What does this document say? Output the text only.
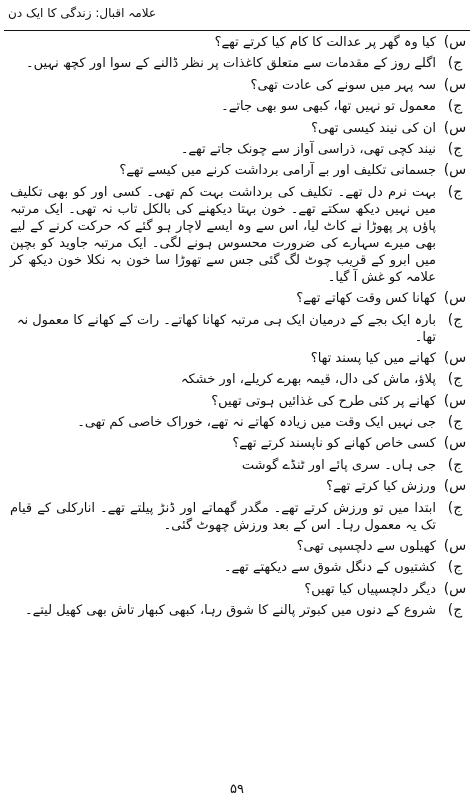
علامہ اقبال: زندگی کا ایک دن
س)
کیا وہ گھر پر عدالت کا کام کیا کرتے تھے؟
ج)
اگلے روز کے مقدمات سے متعلق کاغذات پر نظر ڈالنے کے سوا اور کچھ نہیں۔
س)
سہ پہر میں سونے کی عادت تھی؟
ج)
معمول تو نہیں تھا، کبھی سو بھی جاتے۔
س)
ان کی نیند کیسی تھی؟
ج)
نیند کچی تھی، ذراسی آواز سے چونک جاتے تھے۔
س)
جسمانی تکلیف اور بے آرامی برداشت کرنے میں کیسے تھے؟
ج)
بہت نرم دل تھے۔ تکلیف کی برداشت بہت کم تھی۔ کسی اور کو بھی تکلیف میں نہیں دیکھ سکتے تھے۔ خون بہتا دیکھنے کی بالکل تاب نہ تھی۔ ایک مرتبہ پاؤں پر پھوڑا نے کاٹ لیا، اس سے وہ ایسے لاچار ہو گئے کہ حرکت کرنے کے لیے بھی میرے سہارے کی ضرورت محسوس ہونے لگی۔ ایک مرتبہ جاوید کو بچپن میں ابرو کے قریب چوٹ لگ گئی جس سے تھوڑا سا خون بہ نکلا خون دیکھ کر علامہ کو غش آ گیا۔
س)
کھانا کس وقت کھاتے تھے؟
ج)
بارہ ایک بجے کے درمیان ایک ہی مرتبہ کھانا کھاتے۔ رات کے کھانے کا معمول نہ تھا۔
س)
کھانے میں کیا پسند تھا؟
ج)
پلاؤ، ماش کی دال، قیمہ بھرے کریلے، اور خشکہ
س)
کھانے پر کئی طرح کی غذائیں ہوتی تھیں؟
ج)
جی نہیں ایک وقت میں زیادہ کھاتے نہ تھے، خوراک خاصی کم تھی۔
س)
کسی خاص کھانے کو ناپسند کرتے تھے؟
ج)
جی ہاں۔ سری پائے اور ٹنڈے گوشت
س)
ورزش کیا کرتے تھے؟
ج)
ابتدا میں تو ورزش کرتے تھے۔ مگدر گھماتے اور ڈنڑ پیلتے تھے۔ انارکلی کے قیام تک یہ معمول رہا۔ اس کے بعد ورزش چھوٹ گئی۔
س)
کھیلوں سے دلچسپی تھی؟
ج)
کشتیوں کے دنگل شوق سے دیکھتے تھے۔
س)
دیگر دلچسپیاں کیا تھیں؟
ج)
شروع کے دنوں میں کبوتر پالنے کا شوق رہا، کبھی کبھار تاش بھی کھیل لیتے۔
۵۹
